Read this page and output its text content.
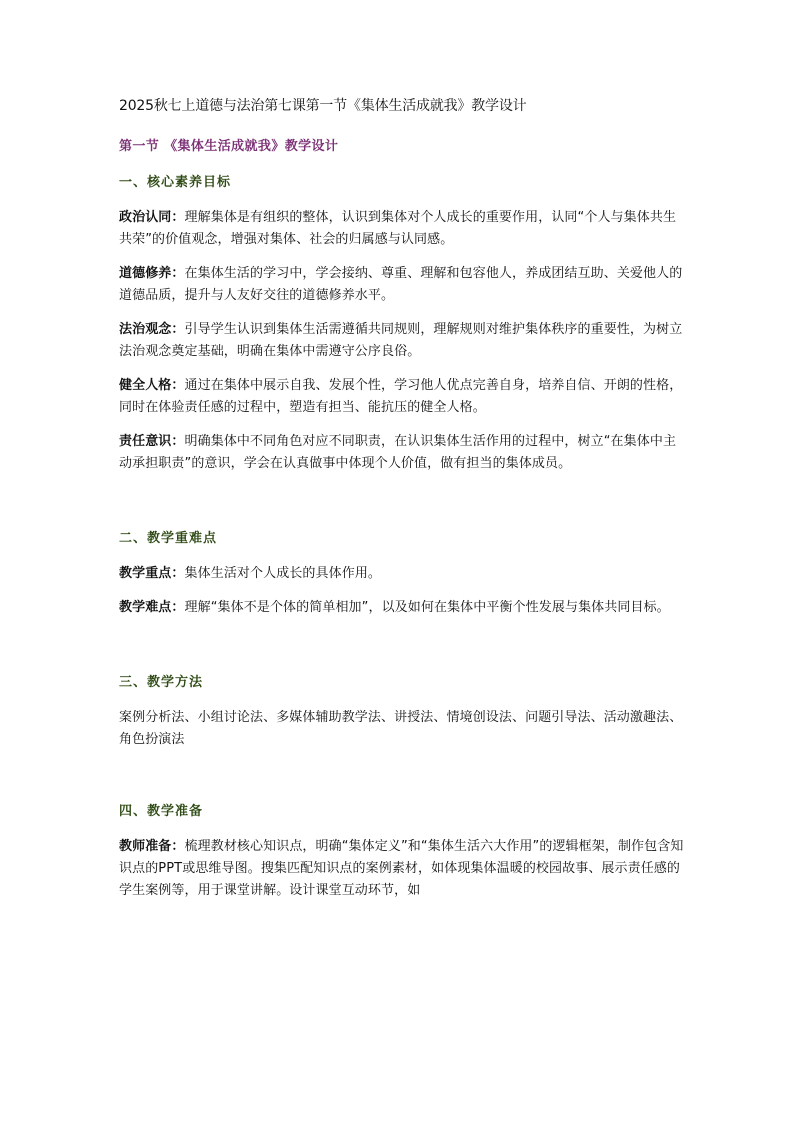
2025秋七上道德与法治第七课第一节《集体生活成就我》教学设计
第一节 《集体生活成就我》教学设计
一、核心素养目标
政治认同：理解集体是有组织的整体，认识到集体对个人成长的重要作用，认同“个人与集体共生共荣”的价值观念，增强对集体、社会的归属感与认同感。
道德修养：在集体生活的学习中，学会接纳、尊重、理解和包容他人，养成团结互助、关爱他人的道德品质，提升与人友好交往的道德修养水平。
法治观念：引导学生认识到集体生活需遵循共同规则，理解规则对维护集体秩序的重要性，为树立法治观念奠定基础，明确在集体中需遵守公序良俗。
健全人格：通过在集体中展示自我、发展个性，学习他人优点完善自身，培养自信、开朗的性格，同时在体验责任感的过程中，塑造有担当、能抗压的健全人格。
责任意识：明确集体中不同角色对应不同职责，在认识集体生活作用的过程中，树立“在集体中主动承担职责”的意识，学会在认真做事中体现个人价值，做有担当的集体成员。
二、教学重难点
教学重点：集体生活对个人成长的具体作用。
教学难点：理解“集体不是个体的简单相加”，以及如何在集体中平衡个性发展与集体共同目标。
三、教学方法
案例分析法、小组讨论法、多媒体辅助教学法、讲授法、情境创设法、问题引导法、活动激趣法、角色扮演法
四、教学准备
教师准备：梳理教材核心知识点，明确“集体定义”和“集体生活六大作用”的逻辑框架，制作包含知识点的PPT或思维导图。搜集匹配知识点的案例素材，如体现集体温暖的校园故事、展示责任感的学生案例等，用于课堂讲解。设计课堂互动环节，如
